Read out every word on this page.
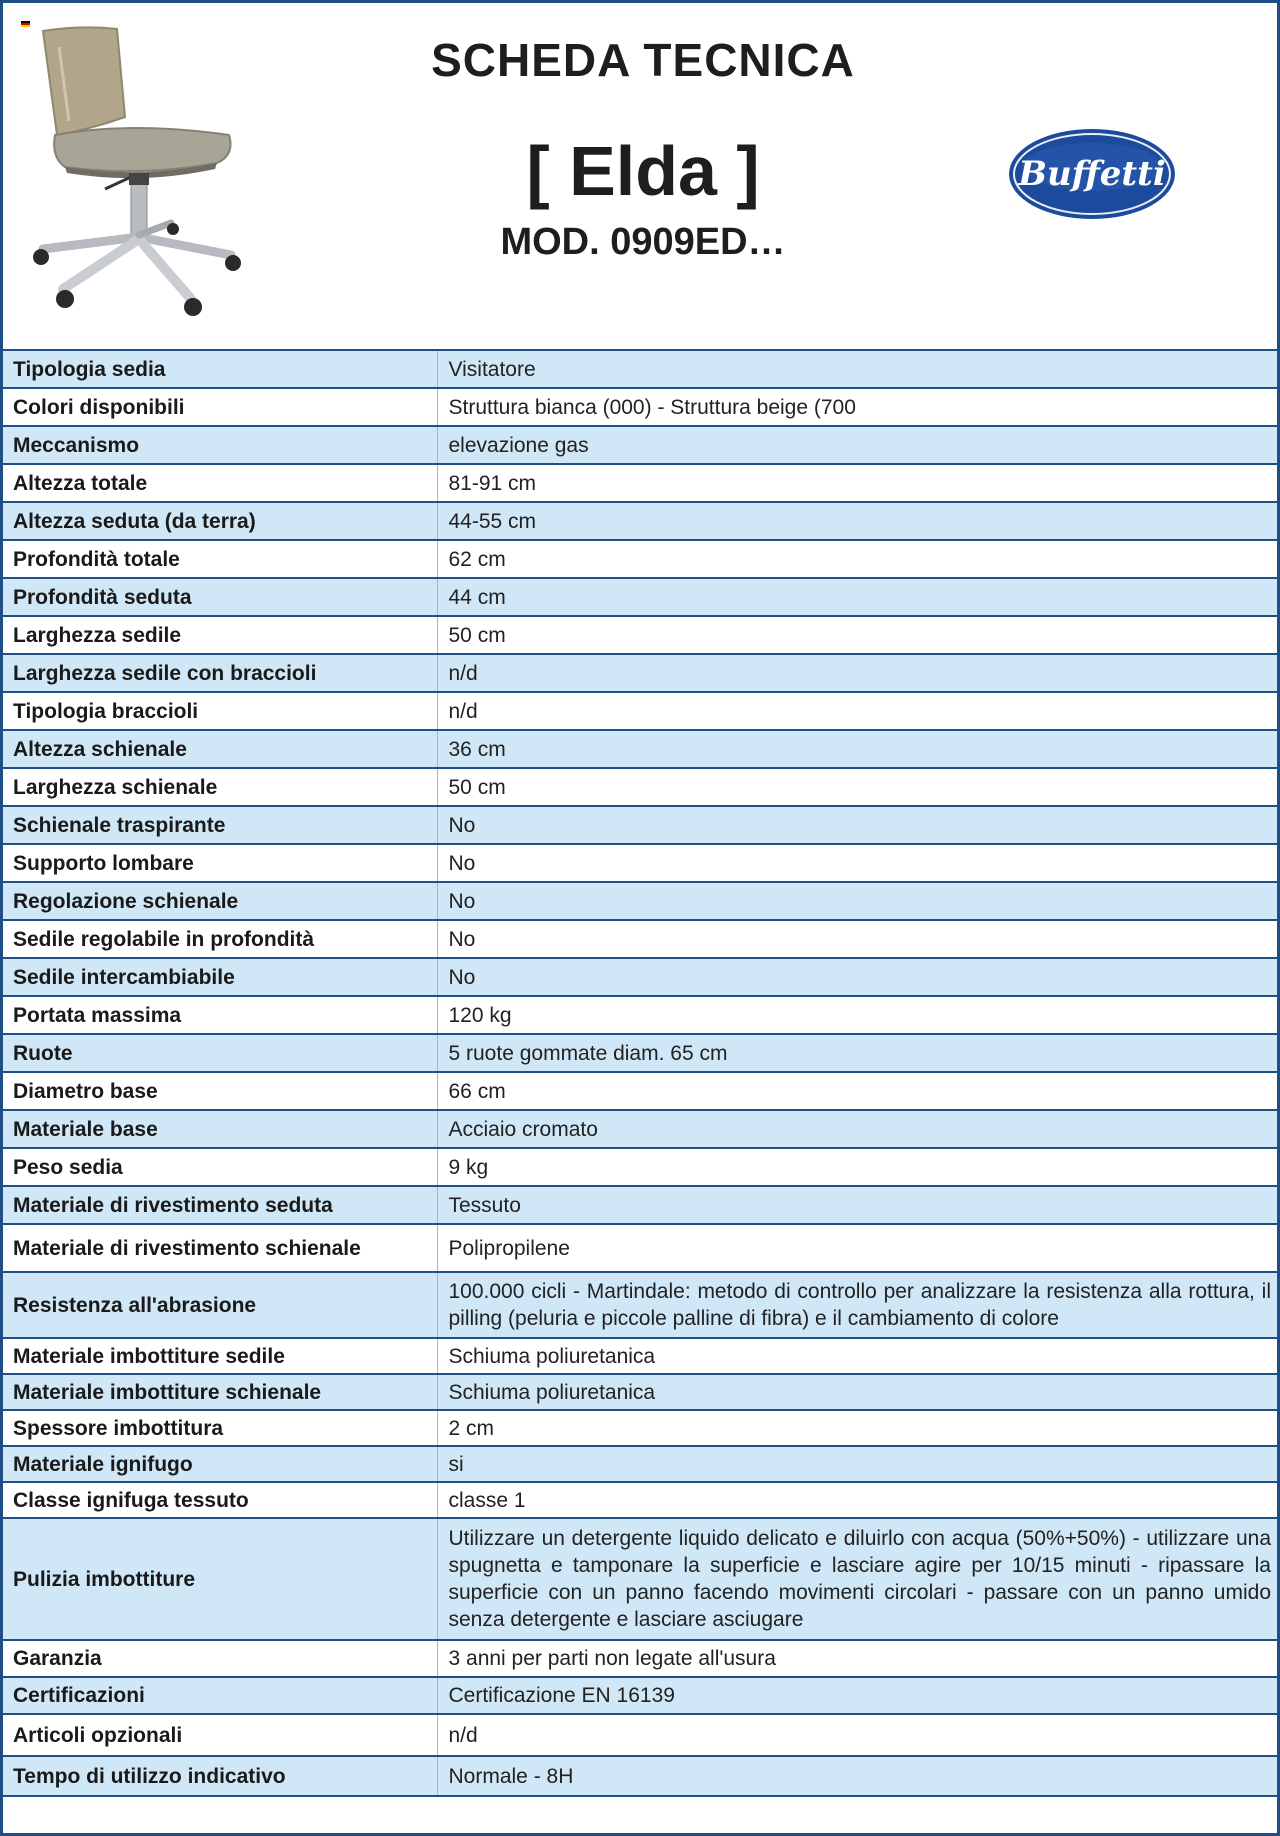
SCHEDA TECNICA
[ Elda ]
MOD. 0909ED…
Buffetti
Tipologia sedia	Visitatore
Colori disponibili	Struttura bianca (000) - Struttura beige (700
Meccanismo	elevazione gas
Altezza totale	81-91 cm
Altezza seduta (da terra)	44-55 cm
Profondità totale	62 cm
Profondità seduta	44 cm
Larghezza sedile	50 cm
Larghezza sedile con braccioli	n/d
Tipologia braccioli	n/d
Altezza schienale	36 cm
Larghezza schienale	50 cm
Schienale traspirante	No
Supporto lombare	No
Regolazione schienale	No
Sedile regolabile in profondità	No
Sedile intercambiabile	No
Portata massima	120 kg
Ruote	5 ruote gommate diam. 65 cm
Diametro base	66 cm
Materiale base	Acciaio cromato
Peso sedia	9 kg
Materiale di rivestimento seduta	Tessuto
Materiale di rivestimento schienale	Polipropilene
Resistenza all'abrasione	100.000 cicli - Martindale: metodo di controllo per analizzare la resistenza alla rottura, il pilling (peluria e piccole palline di fibra) e il cambiamento di colore
Materiale imbottiture sedile	Schiuma poliuretanica
Materiale imbottiture schienale	Schiuma poliuretanica
Spessore imbottitura	2 cm
Materiale ignifugo	si
Classe ignifuga tessuto	classe 1
Pulizia imbottiture	Utilizzare un detergente liquido delicato e diluirlo con acqua (50%+50%) - utilizzare una spugnetta e tamponare la superficie e lasciare agire per 10/15 minuti - ripassare la superficie con un panno facendo movimenti circolari - passare con un panno umido senza detergente e lasciare asciugare
Garanzia	3 anni per parti non legate all'usura
Certificazioni	Certificazione EN 16139
Articoli opzionali	n/d
Tempo di utilizzo indicativo	Normale - 8H
